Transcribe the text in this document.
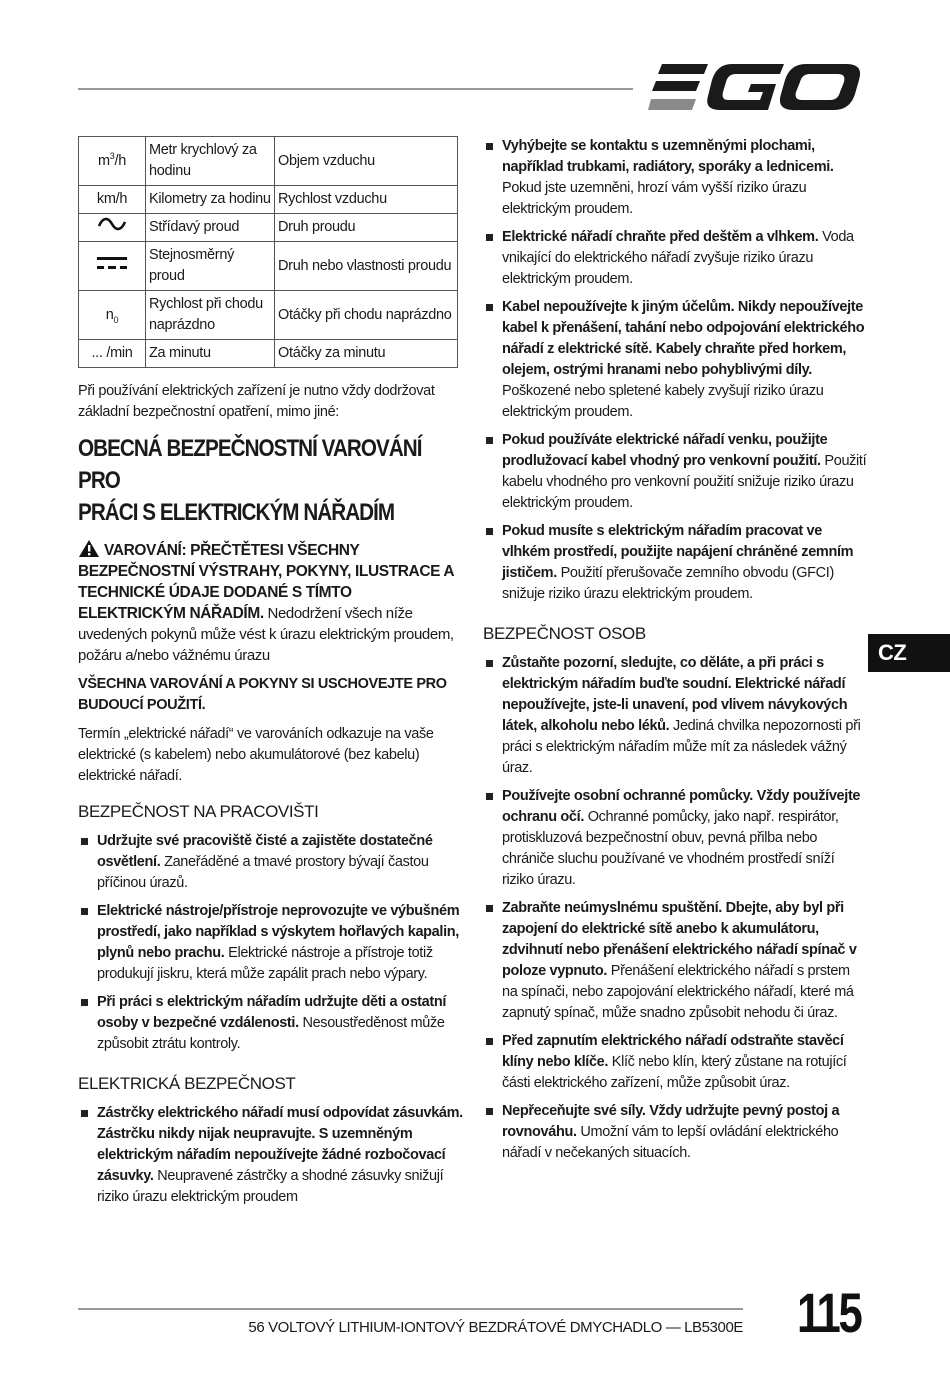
$m^3/h$	Metr krychlový za hodinu	Objem vzduchu
km/h	Kilometry za hodinu	Rychlost vzduchu
	Střídavý proud	Druh proudu
	Stejnosměrný proud	Druh nebo vlastnosti proudu
$n_0$	Rychlost při chodu naprázdno	Otáčky při chodu naprázdno
... /min	Za minutu	Otáčky za minutu

Při používání elektrických zařízení je nutno vždy dodržovat základní bezpečnostní opatření, mimo jiné:

OBECNÁ BEZPEČNOSTNÍ VAROVÁNÍ PRO
PRÁCI S ELEKTRICKÝM NÁŘADÍM

VAROVÁNÍ: PŘEČTĚTESI VŠECHNY BEZPEČNOSTNÍ VÝSTRAHY, POKYNY, ILUSTRACE A TECHNICKÉ ÚDAJE DODANÉ S TÍMTO ELEKTRICKÝM NÁŘADÍM. Nedodržení všech níže uvedených pokynů může vést k úrazu elektrickým proudem, požáru a/nebo vážnému úrazu

VŠECHNA VAROVÁNÍ A POKYNY SI USCHOVEJTE PRO BUDOUCÍ POUŽITÍ.

Termín „elektrické nářadí“ ve varováních odkazuje na vaše elektrické (s kabelem) nebo akumulátorové (bez kabelu) elektrické nářadí.

BEZPEČNOST NA PRACOVIŠTI
Udržujte své pracoviště čisté a zajistěte dostatečné osvětlení. Zaneřáděné a tmavé prostory bývají častou příčinou úrazů.
Elektrické nástroje/přístroje neprovozujte ve výbušném prostředí, jako například s výskytem hořlavých kapalin, plynů nebo prachu. Elektrické nástroje a přístroje totiž produkují jiskru, která může zapálit prach nebo výpary.
Při práci s elektrickým nářadím udržujte děti a ostatní osoby v bezpečné vzdálenosti. Nesoustředěnost může způsobit ztrátu kontroly.
ELEKTRICKÁ BEZPEČNOST
Zástrčky elektrického nářadí musí odpovídat zásuvkám. Zástrčku nikdy nijak neupravujte. S uzemněným elektrickým nářadím nepoužívejte žádné rozbočovací zásuvky. Neupravené zástrčky a shodné zásuvky snižují riziko úrazu elektrickým proudem
Vyhýbejte se kontaktu s uzemněnými plochami, například trubkami, radiátory, sporáky a lednicemi. Pokud jste uzemněni, hrozí vám vyšší riziko úrazu elektrickým proudem.
Elektrické nářadí chraňte před deštěm a vlhkem. Voda vnikající do elektrického nářadí zvyšuje riziko úrazu elektrickým proudem.
Kabel nepoužívejte k jiným účelům. Nikdy nepoužívejte kabel k přenášení, tahání nebo odpojování elektrického nářadí z elektrické sítě. Kabely chraňte před horkem, olejem, ostrými hranami nebo pohyblivými díly. Poškozené nebo spletené kabely zvyšují riziko úrazu elektrickým proudem.
Pokud používáte elektrické nářadí venku, použijte prodlužovací kabel vhodný pro venkovní použití. Použití kabelu vhodného pro venkovní použití snižuje riziko úrazu elektrickým proudem.
Pokud musíte s elektrickým nářadím pracovat ve vlhkém prostředí, použijte napájení chráněné zemním jističem. Použití přerušovače zemního obvodu (GFCI) snižuje riziko úrazu elektrickým proudem.
BEZPEČNOST OSOB
Zůstaňte pozorní, sledujte, co děláte, a při práci s elektrickým nářadím buďte soudní. Elektrické nářadí nepoužívejte, jste-li unavení, pod vlivem návykových látek, alkoholu nebo léků. Jediná chvilka nepozornosti při práci s elektrickým nářadím může mít za následek vážný úraz.
Používejte osobní ochranné pomůcky. Vždy používejte ochranu očí. Ochranné pomůcky, jako např. respirátor, protiskluzová bezpečnostní obuv, pevná přilba nebo chrániče sluchu používané ve vhodném prostředí sníží riziko úrazu.
Zabraňte neúmyslnému spuštění. Dbejte, aby byl při zapojení do elektrické sítě anebo k akumulátoru, zdvihnutí nebo přenášení elektrického nářadí spínač v poloze vypnuto. Přenášení elektrického nářadí s prstem na spínači, nebo zapojování elektrického nářadí, které má zapnutý spínač, může snadno způsobit nehodu či úraz.
Před zapnutím elektrického nářadí odstraňte stavěcí klíny nebo klíče. Klíč nebo klín, který zůstane na rotující části elektrického zařízení, může způsobit úraz.
Nepřeceňujte své síly. Vždy udržujte pevný postoj a rovnováhu. Umožní vám to lepší ovládání elektrického nářadí v nečekaných situacích.
CZ
56 VOLTOVÝ LITHIUM-IONTOVÝ BEZDRÁTOVÉ DMYCHADLO — LB5300E 115
